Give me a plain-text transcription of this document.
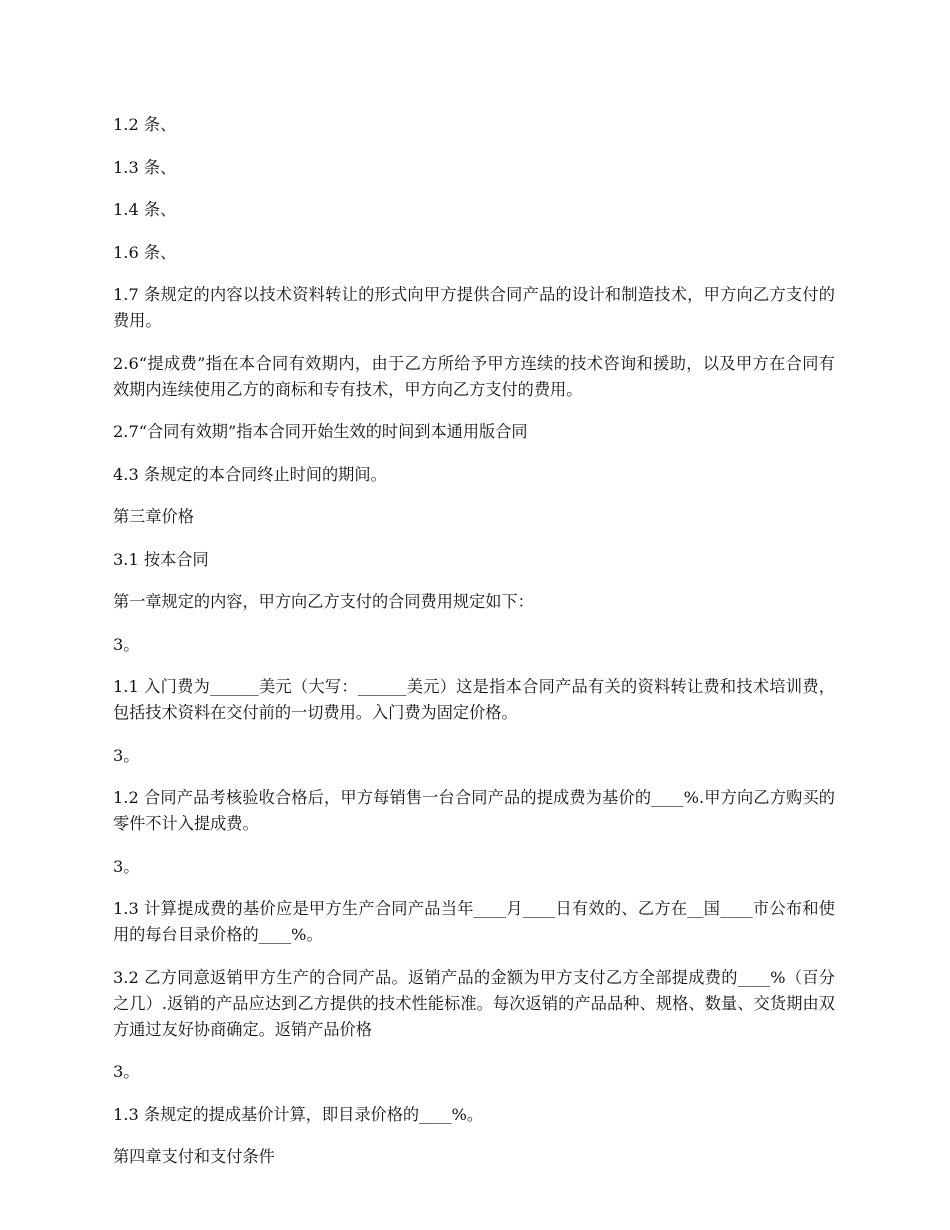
1.2 条、

1.3 条、

1.4 条、

1.6 条、

1.7 条规定的内容以技术资料转让的形式向甲方提供合同产品的设计和制造技术，甲方向乙方支付的费用。

2.6“提成费”指在本合同有效期内，由于乙方所给予甲方连续的技术咨询和援助，以及甲方在合同有效期内连续使用乙方的商标和专有技术，甲方向乙方支付的费用。

2.7“合同有效期”指本合同开始生效的时间到本通用版合同

4.3 条规定的本合同终止时间的期间。

第三章价格

3.1 按本合同

第一章规定的内容，甲方向乙方支付的合同费用规定如下：

3。

1.1 入门费为______美元（大写：______美元）这是指本合同产品有关的资料转让费和技术培训费，包括技术资料在交付前的一切费用。入门费为固定价格。

3。

1.2 合同产品考核验收合格后，甲方每销售一台合同产品的提成费为基价的____%.甲方向乙方购买的零件不计入提成费。

3。

1.3 计算提成费的基价应是甲方生产合同产品当年____月____日有效的、乙方在__国____市公布和使用的每台目录价格的____%。

3.2 乙方同意返销甲方生产的合同产品。返销产品的金额为甲方支付乙方全部提成费的____%（百分之几）.返销的产品应达到乙方提供的技术性能标准。每次返销的产品品种、规格、数量、交货期由双方通过友好协商确定。返销产品价格

3。

1.3 条规定的提成基价计算，即目录价格的____%。

第四章支付和支付条件
